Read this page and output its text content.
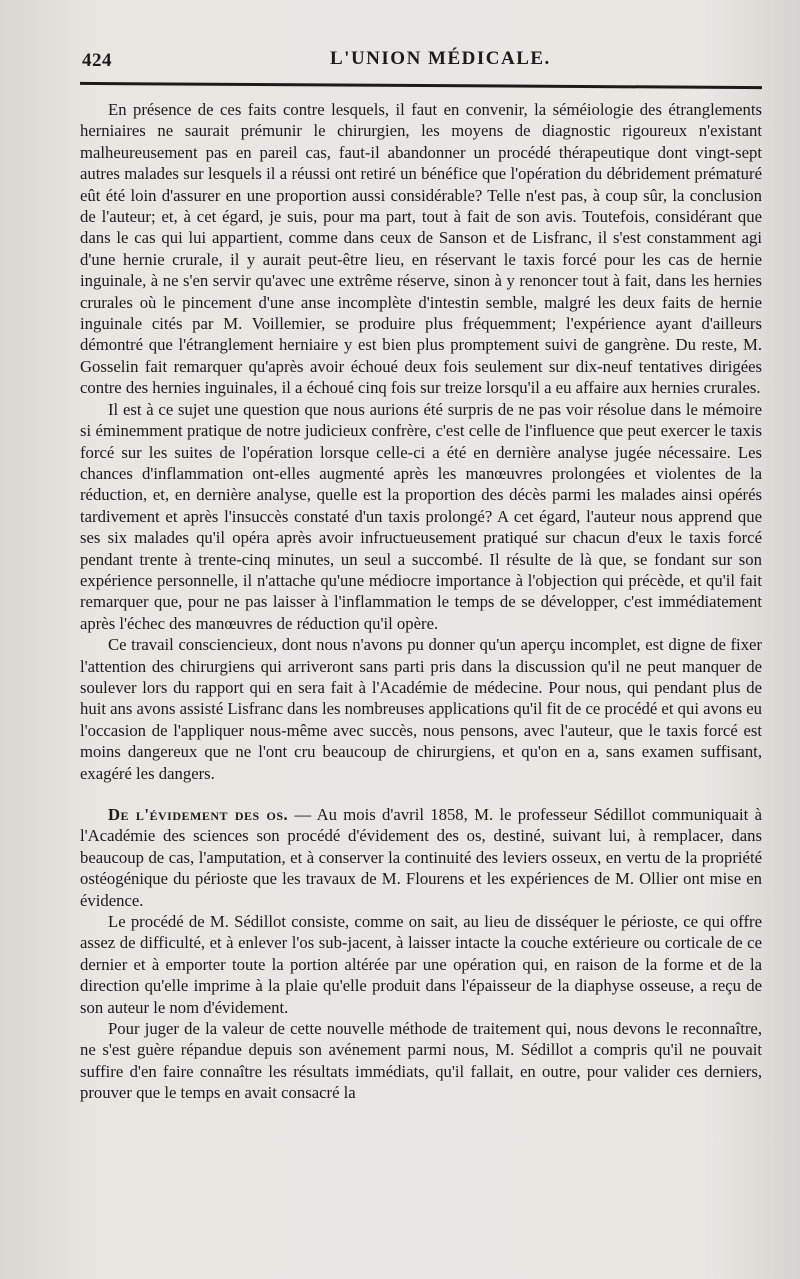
424	L'UNION MÉDICALE.

En présence de ces faits contre lesquels, il faut en convenir, la séméiologie des étranglements herniaires ne saurait prémunir le chirurgien, les moyens de diagnostic rigoureux n'existant malheureusement pas en pareil cas, faut-il abandonner un procédé thérapeutique dont vingt-sept autres malades sur lesquels il a réussi ont retiré un bénéfice que l'opération du débridement prématuré eût été loin d'assurer en une proportion aussi considérable? Telle n'est pas, à coup sûr, la conclusion de l'auteur; et, à cet égard, je suis, pour ma part, tout à fait de son avis. Toutefois, considérant que dans le cas qui lui appartient, comme dans ceux de Sanson et de Lisfranc, il s'est constamment agi d'une hernie crurale, il y aurait peut-être lieu, en réservant le taxis forcé pour les cas de hernie inguinale, à ne s'en servir qu'avec une extrême réserve, sinon à y renoncer tout à fait, dans les hernies crurales où le pincement d'une anse incomplète d'intestin semble, malgré les deux faits de hernie inguinale cités par M. Voillemier, se produire plus fréquemment; l'expérience ayant d'ailleurs démontré que l'étranglement herniaire y est bien plus promptement suivi de gangrène. Du reste, M. Gosselin fait remarquer qu'après avoir échoué deux fois seulement sur dix-neuf tentatives dirigées contre des hernies inguinales, il a échoué cinq fois sur treize lorsqu'il a eu affaire aux hernies crurales.

Il est à ce sujet une question que nous aurions été surpris de ne pas voir résolue dans le mémoire si éminemment pratique de notre judicieux confrère, c'est celle de l'influence que peut exercer le taxis forcé sur les suites de l'opération lorsque celle-ci a été en dernière analyse jugée nécessaire. Les chances d'inflammation ont-elles augmenté après les manœuvres prolongées et violentes de la réduction, et, en dernière analyse, quelle est la proportion des décès parmi les malades ainsi opérés tardivement et après l'insuccès constaté d'un taxis prolongé? A cet égard, l'auteur nous apprend que ses six malades qu'il opéra après avoir infructueusement pratiqué sur chacun d'eux le taxis forcé pendant trente à trente-cinq minutes, un seul a succombé. Il résulte de là que, se fondant sur son expérience personnelle, il n'attache qu'une médiocre importance à l'objection qui précède, et qu'il fait remarquer que, pour ne pas laisser à l'inflammation le temps de se développer, c'est immédiatement après l'échec des manœuvres de réduction qu'il opère.

Ce travail consciencieux, dont nous n'avons pu donner qu'un aperçu incomplet, est digne de fixer l'attention des chirurgiens qui arriveront sans parti pris dans la discussion qu'il ne peut manquer de soulever lors du rapport qui en sera fait à l'Académie de médecine. Pour nous, qui pendant plus de huit ans avons assisté Lisfranc dans les nombreuses applications qu'il fit de ce procédé et qui avons eu l'occasion de l'appliquer nous-même avec succès, nous pensons, avec l'auteur, que le taxis forcé est moins dangereux que ne l'ont cru beaucoup de chirurgiens, et qu'on en a, sans examen suffisant, exagéré les dangers.

De l'évidement des os. — Au mois d'avril 1858, M. le professeur Sédillot communiquait à l'Académie des sciences son procédé d'évidement des os, destiné, suivant lui, à remplacer, dans beaucoup de cas, l'amputation, et à conserver la continuité des leviers osseux, en vertu de la propriété ostéogénique du périoste que les travaux de M. Flourens et les expériences de M. Ollier ont mise en évidence.

Le procédé de M. Sédillot consiste, comme on sait, au lieu de disséquer le périoste, ce qui offre assez de difficulté, et à enlever l'os sub-jacent, à laisser intacte la couche extérieure ou corticale de ce dernier et à emporter toute la portion altérée par une opération qui, en raison de la forme et de la direction qu'elle imprime à la plaie qu'elle produit dans l'épaisseur de la diaphyse osseuse, a reçu de son auteur le nom d'évidement.

Pour juger de la valeur de cette nouvelle méthode de traitement qui, nous devons le reconnaître, ne s'est guère répandue depuis son avénement parmi nous, M. Sédillot a compris qu'il ne pouvait suffire d'en faire connaître les résultats immédiats, qu'il fallait, en outre, pour valider ces derniers, prouver que le temps en avait consacré la
